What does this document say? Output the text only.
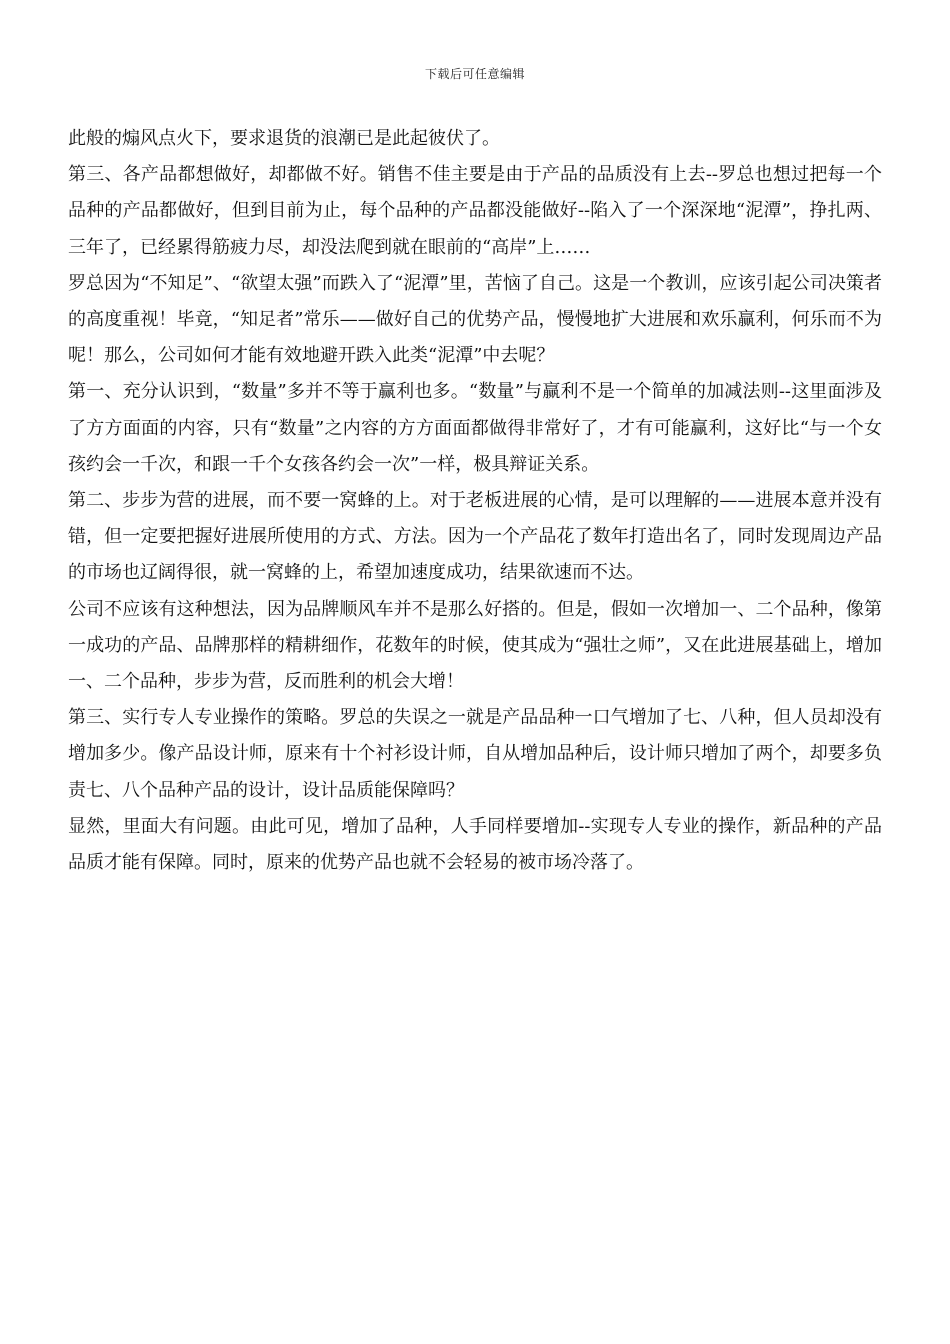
下载后可任意编辑

此般的煽风点火下，要求退货的浪潮已是此起彼伏了。

第三、各产品都想做好，却都做不好。销售不佳主要是由于产品的品质没有上去--罗总也想过把每一个品种的产品都做好，但到目前为止，每个品种的产品都没能做好--陷入了一个深深地“泥潭”，挣扎两、三年了，已经累得筋疲力尽，却没法爬到就在眼前的“高岸”上……

罗总因为“不知足”、“欲望太强”而跌入了“泥潭”里，苦恼了自己。这是一个教训，应该引起公司决策者的高度重视！毕竟，“知足者”常乐——做好自己的优势产品，慢慢地扩大进展和欢乐赢利，何乐而不为呢！那么，公司如何才能有效地避开跌入此类“泥潭”中去呢？

第一、充分认识到，“数量”多并不等于赢利也多。“数量”与赢利不是一个简单的加减法则--这里面涉及了方方面面的内容，只有“数量”之内容的方方面面都做得非常好了，才有可能赢利，这好比“与一个女孩约会一千次，和跟一千个女孩各约会一次”一样，极具辩证关系。

第二、步步为营的进展，而不要一窝蜂的上。对于老板进展的心情，是可以理解的——进展本意并没有错，但一定要把握好进展所使用的方式、方法。因为一个产品花了数年打造出名了，同时发现周边产品的市场也辽阔得很，就一窝蜂的上，希望加速度成功，结果欲速而不达。

公司不应该有这种想法，因为品牌顺风车并不是那么好搭的。但是，假如一次增加一、二个品种，像第一成功的产品、品牌那样的精耕细作，花数年的时候，使其成为“强壮之师”，又在此进展基础上，增加一、二个品种，步步为营，反而胜利的机会大增！

第三、实行专人专业操作的策略。罗总的失误之一就是产品品种一口气增加了七、八种，但人员却没有增加多少。像产品设计师，原来有十个衬衫设计师，自从增加品种后，设计师只增加了两个，却要多负责七、八个品种产品的设计，设计品质能保障吗？

显然，里面大有问题。由此可见，增加了品种，人手同样要增加--实现专人专业的操作，新品种的产品品质才能有保障。同时，原来的优势产品也就不会轻易的被市场冷落了。
